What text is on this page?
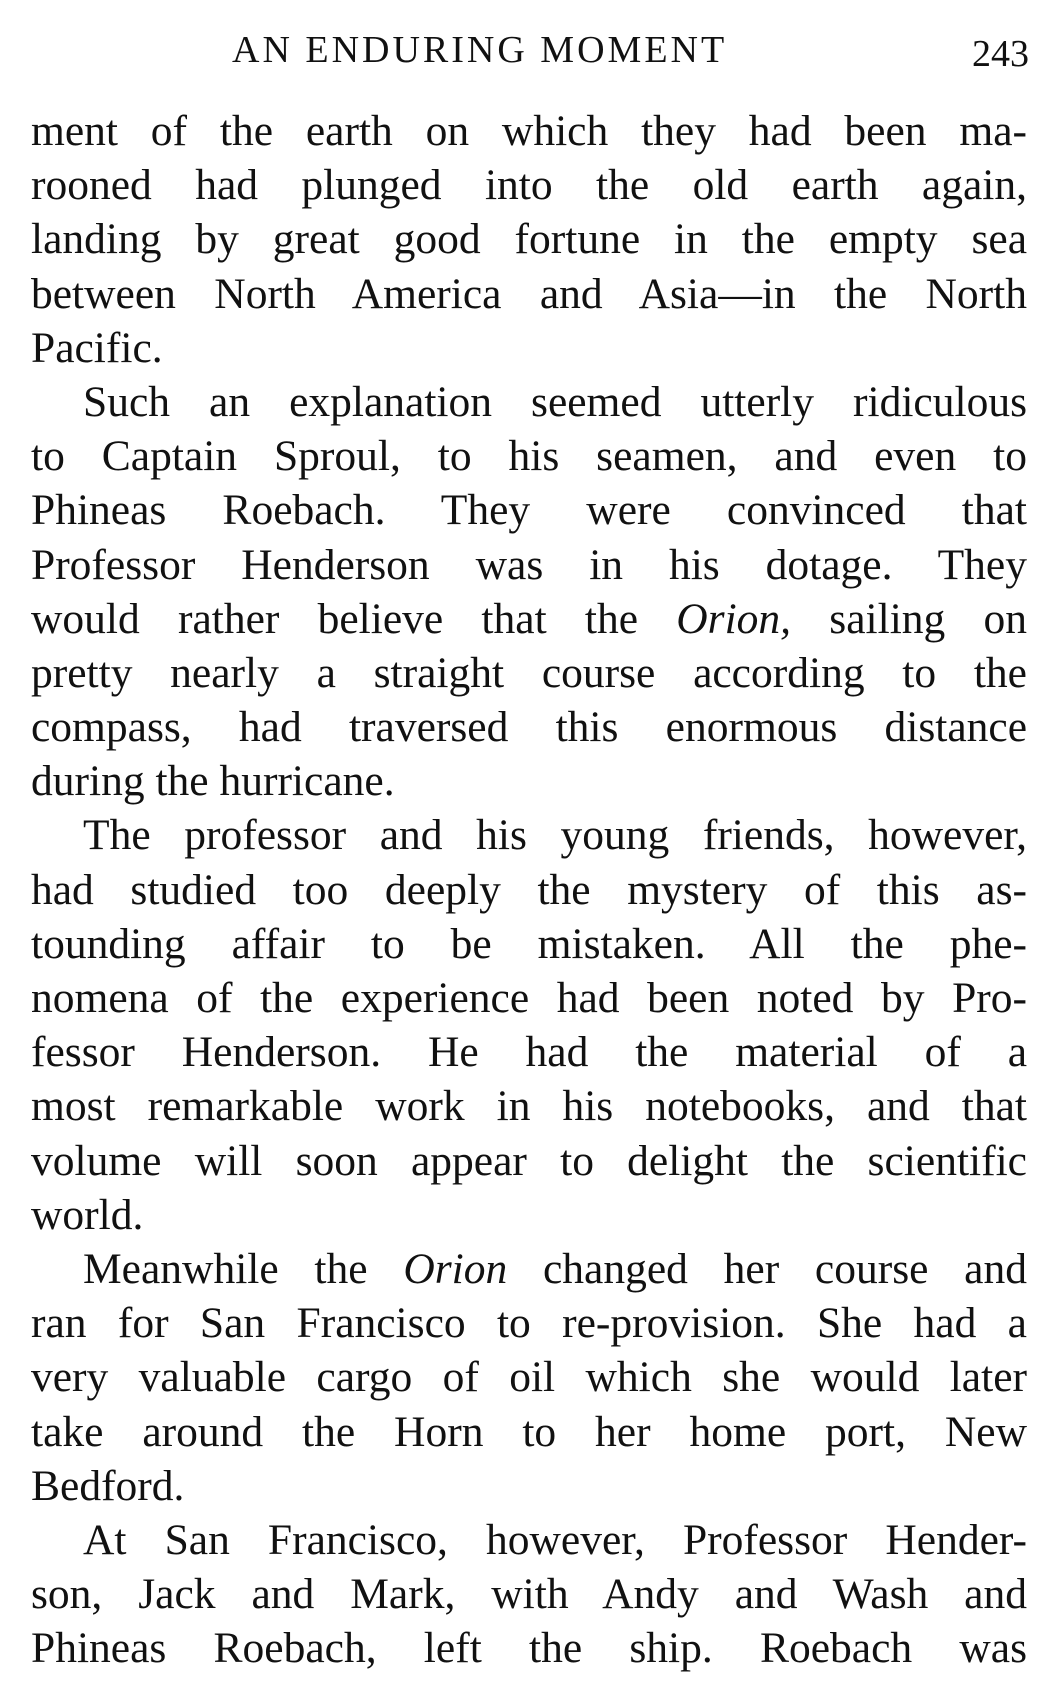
AN ENDURING MOMENT	243
ment of the earth on which they had been ma-
rooned had plunged into the old earth again,
landing by great good fortune in the empty sea
between North America and Asia—in the North
Pacific.
Such an explanation seemed utterly ridiculous
to Captain Sproul, to his seamen, and even to
Phineas Roebach. They were convinced that
Professor Henderson was in his dotage. They
would rather believe that the Orion, sailing on
pretty nearly a straight course according to the
compass, had traversed this enormous distance
during the hurricane.
The professor and his young friends, however,
had studied too deeply the mystery of this as-
tounding affair to be mistaken. All the phe-
nomena of the experience had been noted by Pro-
fessor Henderson. He had the material of a
most remarkable work in his notebooks, and that
volume will soon appear to delight the scientific
world.
Meanwhile the Orion changed her course and
ran for San Francisco to re-provision. She had a
very valuable cargo of oil which she would later
take around the Horn to her home port, New
Bedford.
At San Francisco, however, Professor Hender-
son, Jack and Mark, with Andy and Wash and
Phineas Roebach, left the ship. Roebach was
